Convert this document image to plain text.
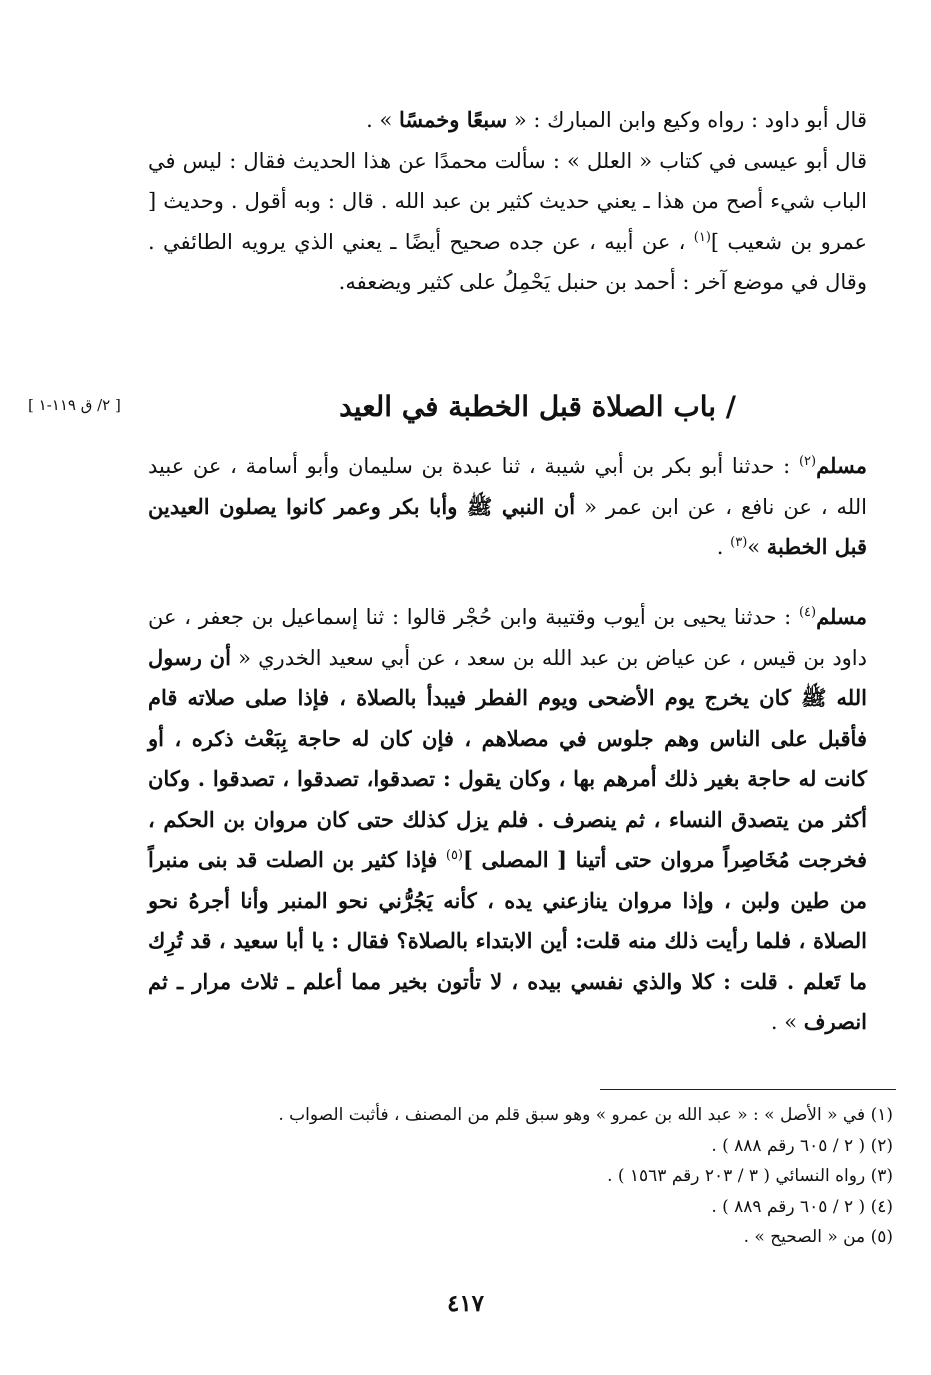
قال أبو داود : رواه وكيع وابن المبارك : « سبعًا وخمسًا » .

قال أبو عيسى في كتاب « العلل » : سألت محمدًا عن هذا الحديث فقال : ليس في الباب شيء أصح من هذا ـ يعني حديث كثير بن عبد الله . قال : وبه أقول . وحديث [ عمرو بن شعيب ]$^{(١)}$ ، عن أبيه ، عن جده صحيح أيضًا ـ يعني الذي يرويه الطائفي . وقال في موضع آخر : أحمد بن حنبل يَحْمِلُ على كثير ويضعفه.

/ باب الصلاة قبل الخطبة في العيد
[ ٢/ ق ١١٩-١ ]

مسلم$^{(٢)}$ : حدثنا أبو بكر بن أبي شيبة ، ثنا عبدة بن سليمان وأبو أسامة ، عن عبيد الله ، عن نافع ، عن ابن عمر « أن النبي ﷺ وأبا بكر وعمر كانوا يصلون العيدين قبل الخطبة »$^{(٣)}$ .

مسلم$^{(٤)}$ : حدثنا يحيى بن أيوب وقتيبة وابن حُجْر قالوا : ثنا إسماعيل بن جعفر ، عن داود بن قيس ، عن عياض بن عبد الله بن سعد ، عن أبي سعيد الخدري « أن رسول الله ﷺ كان يخرج يوم الأضحى ويوم الفطر فيبدأ بالصلاة ، فإذا صلى صلاته قام فأقبل على الناس وهم جلوس في مصلاهم ، فإن كان له حاجة بِبَعْث ذكره ، أو كانت له حاجة بغير ذلك أمرهم بها ، وكان يقول : تصدقوا، تصدقوا ، تصدقوا . وكان أكثر من يتصدق النساء ، ثم ينصرف . فلم يزل كذلك حتى كان مروان بن الحكم ، فخرجت مُخَاصِراً مروان حتى أتينا [ المصلى ]$^{(٥)}$ فإذا كثير بن الصلت قد بنى منبراً من طين ولبن ، وإذا مروان ينازعني يده ، كأنه يَجُرُّني نحو المنبر وأنا أجرهُ نحو الصلاة ، فلما رأيت ذلك منه قلت: أين الابتداء بالصلاة؟ فقال : يا أبا سعيد ، قد تُرِك ما تَعلم . قلت : كلا والذي نفسي بيده ، لا تأتون بخير مما أعلم ـ ثلاث مرار ـ ثم انصرف » .

(١) في « الأصل » : « عبد الله بن عمرو » وهو سبق قلم من المصنف ، فأثبت الصواب .
(٢) ( ٢ / ٦٠٥ رقم ٨٨٨ ) .
(٣) رواه النسائي ( ٣ / ٢٠٣ رقم ١٥٦٣ ) .
(٤) ( ٢ / ٦٠٥ رقم ٨٨٩ ) .
(٥) من « الصحيح » .
٤١٧
